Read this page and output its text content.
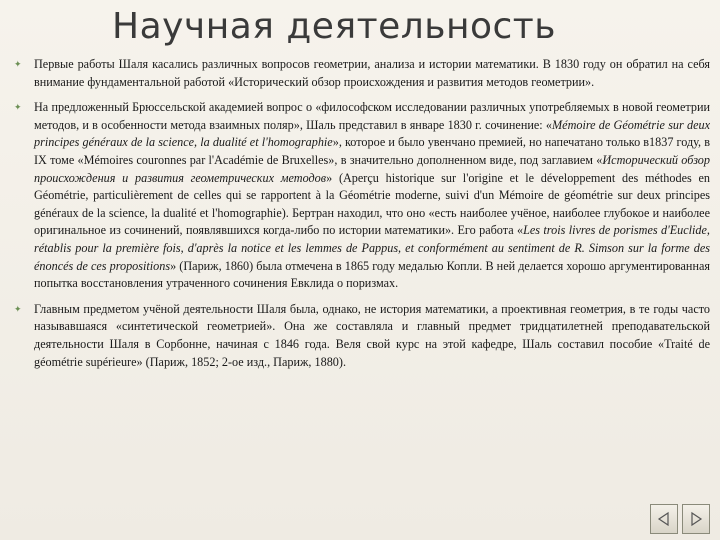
Научная деятельность
✦	Первые работы Шаля касались различных вопросов геометрии, анализа и истории математики. В 1830 году он обратил на себя внимание фундаментальной работой «Исторический обзор происхождения и развития методов геометрии».
✦	На предложенный Брюссельской академией вопрос о «философском исследовании различных употребляемых в новой геометрии методов, и в особенности метода взаимных поляр», Шаль представил в январе 1830 г. сочинение: «Mémoire de Géométrie sur deux principes généraux de la science, la dualité et l'homographie», которое и было увенчано премией, но напечатано только в1837 году, в IX томе «Mémoires couronnes par l'Académie de Bruxelles», в значительно дополненном виде, под заглавием «Исторический обзор происхождения и развития геометрических методов» (Aperçu historique sur l'origine et le développement des méthodes en Géométrie, particulièrement de celles qui se rapportent à la Géométrie moderne, suivi d'un Mémoire de géométrie sur deux principes généraux de la science, la dualité et l'homographie). Бертран находил, что оно «есть наиболее учёное, наиболее глубокое и наиболее оригинальное из сочинений, появлявшихся когда-либо по истории математики». Его работа «Les trois livres de porismes d'Euclide, rétablis pour la première fois, d'après la notice et les lemmes de Pappus, et conformément au sentiment de R. Simson sur la forme des énoncés de ces propositions» (Париж, 1860) была отмечена в 1865 году медалью Копли. В ней делается хорошо аргументированная попытка восстановления утраченного сочинения Евклида о поризмах.
✦	Главным предметом учёной деятельности Шаля была, однако, не история математики, а проективная геометрия, в те годы часто называвшаяся «синтетической геометрией». Она же составляла и главный предмет тридцатилетней преподавательской деятельности Шаля в Сорбонне, начиная с 1846 года. Веля свой курс на этой кафедре, Шаль составил пособие «Traité de géométrie supérieure» (Париж, 1852; 2-ое изд., Париж, 1880).
